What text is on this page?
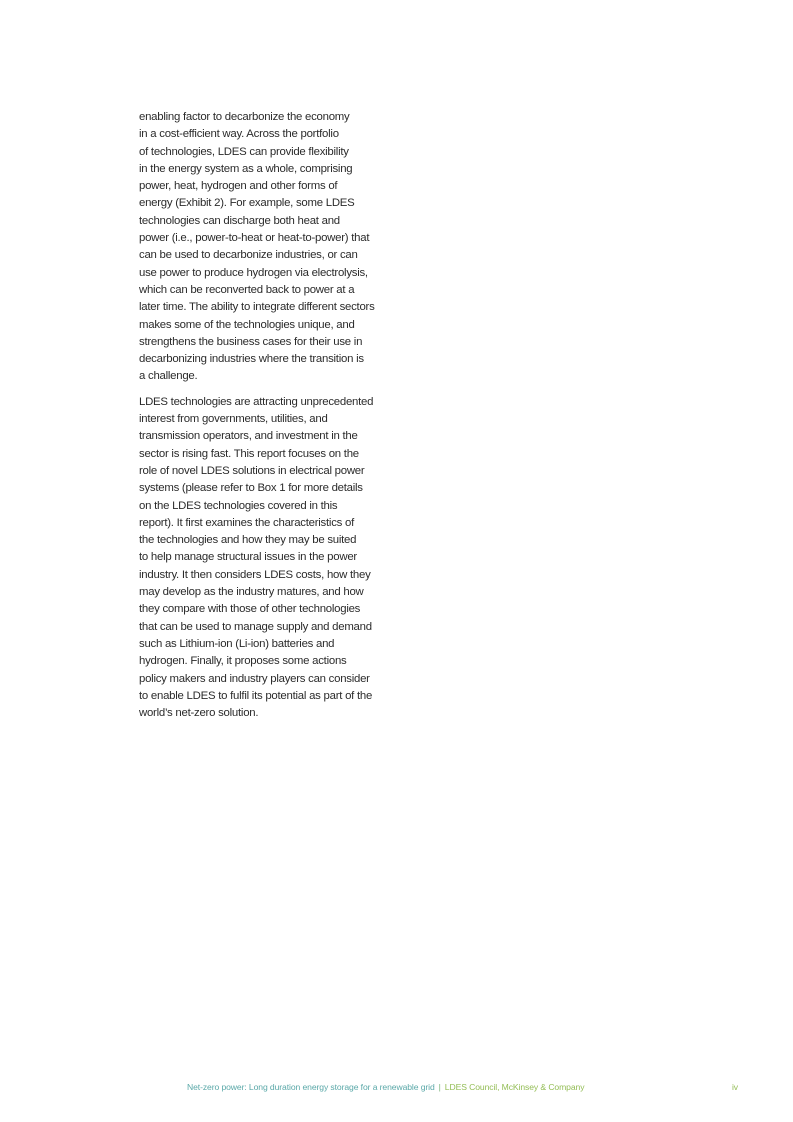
enabling factor to decarbonize the economy
in a cost-efficient way. Across the portfolio
of technologies, LDES can provide flexibility
in the energy system as a whole, comprising
power, heat, hydrogen and other forms of
energy (Exhibit 2). For example, some LDES
technologies can discharge both heat and
power (i.e., power-to-heat or heat-to-power) that
can be used to decarbonize industries, or can
use power to produce hydrogen via electrolysis,
which can be reconverted back to power at a
later time. The ability to integrate different sectors
makes some of the technologies unique, and
strengthens the business cases for their use in
decarbonizing industries where the transition is
a challenge.
LDES technologies are attracting unprecedented
interest from governments, utilities, and
transmission operators, and investment in the
sector is rising fast. This report focuses on the
role of novel LDES solutions in electrical power
systems (please refer to Box 1 for more details
on the LDES technologies covered in this
report). It first examines the characteristics of
the technologies and how they may be suited
to help manage structural issues in the power
industry. It then considers LDES costs, how they
may develop as the industry matures, and how
they compare with those of other technologies
that can be used to manage supply and demand
such as Lithium-ion (Li-ion) batteries and
hydrogen. Finally, it proposes some actions
policy makers and industry players can consider
to enable LDES to fulfil its potential as part of the
world’s net-zero solution.
Net-zero power: Long duration energy storage for a renewable grid | LDES Council, McKinsey & Company	iv
